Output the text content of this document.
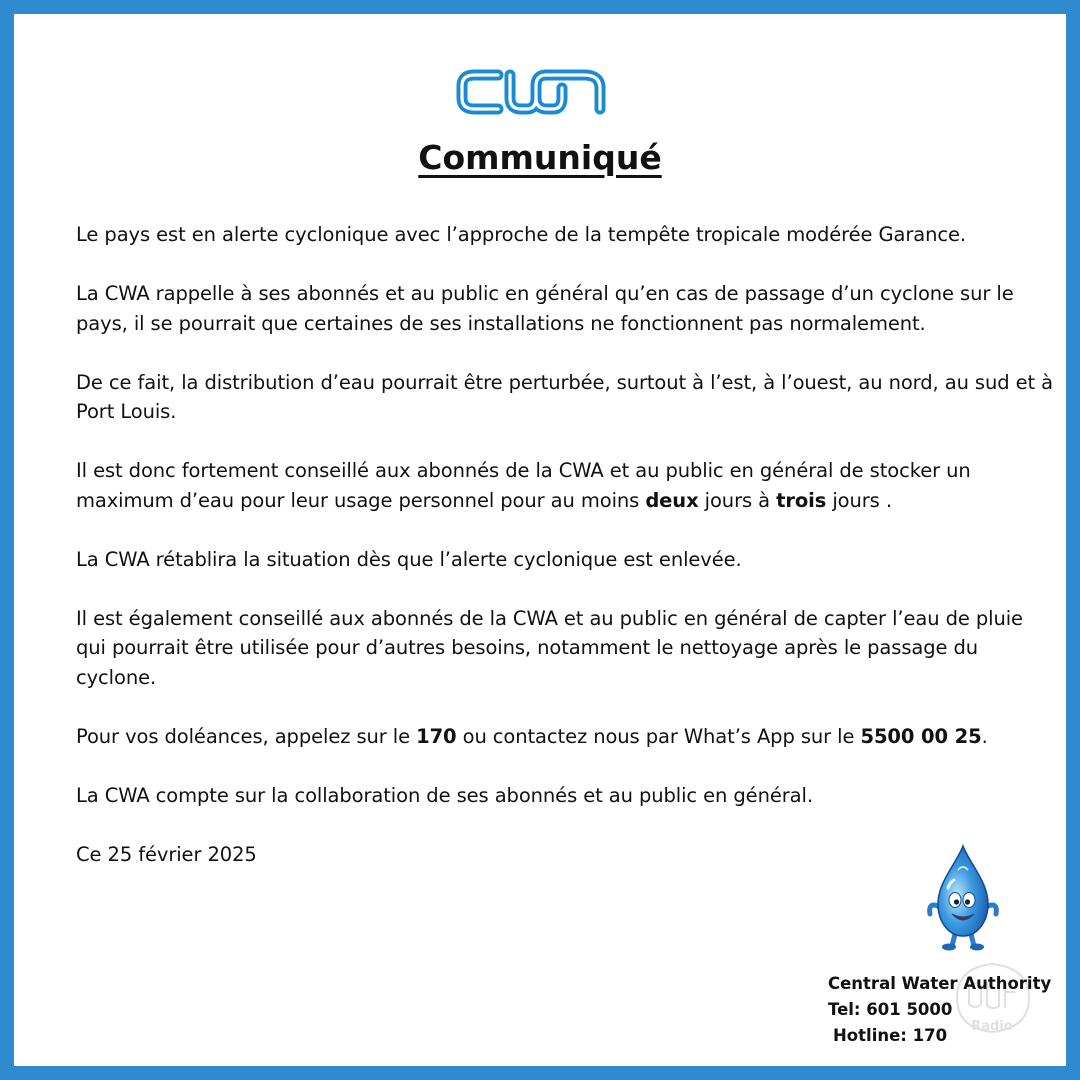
Communiqué

Le pays est en alerte cyclonique avec l’approche de la tempête tropicale modérée Garance.

La CWA rappelle à ses abonnés et au public en général qu’en cas de passage d’un cyclone sur le pays, il se pourrait que certaines de ses installations ne fonctionnent pas normalement.

De ce fait, la distribution d’eau pourrait être perturbée, surtout à l’est, à l’ouest, au nord, au sud et à Port Louis.

Il est donc fortement conseillé aux abonnés de la CWA et au public en général de stocker un maximum d’eau pour leur usage personnel pour au moins deux jours à trois jours .

La CWA rétablira la situation dès que l’alerte cyclonique est enlevée.

Il est également conseillé aux abonnés de la CWA et au public en général de capter l’eau de pluie qui pourrait être utilisée pour d’autres besoins, notamment le nettoyage après le passage du cyclone.

Pour vos doléances, appelez sur le 170 ou contactez nous par What’s App sur le 5500 00 25.

La CWA compte sur la collaboration de ses abonnés et au public en général.

Ce 25 février 2025

Radio
Central Water Authority
Tel: 601 5000
Hotline: 170
